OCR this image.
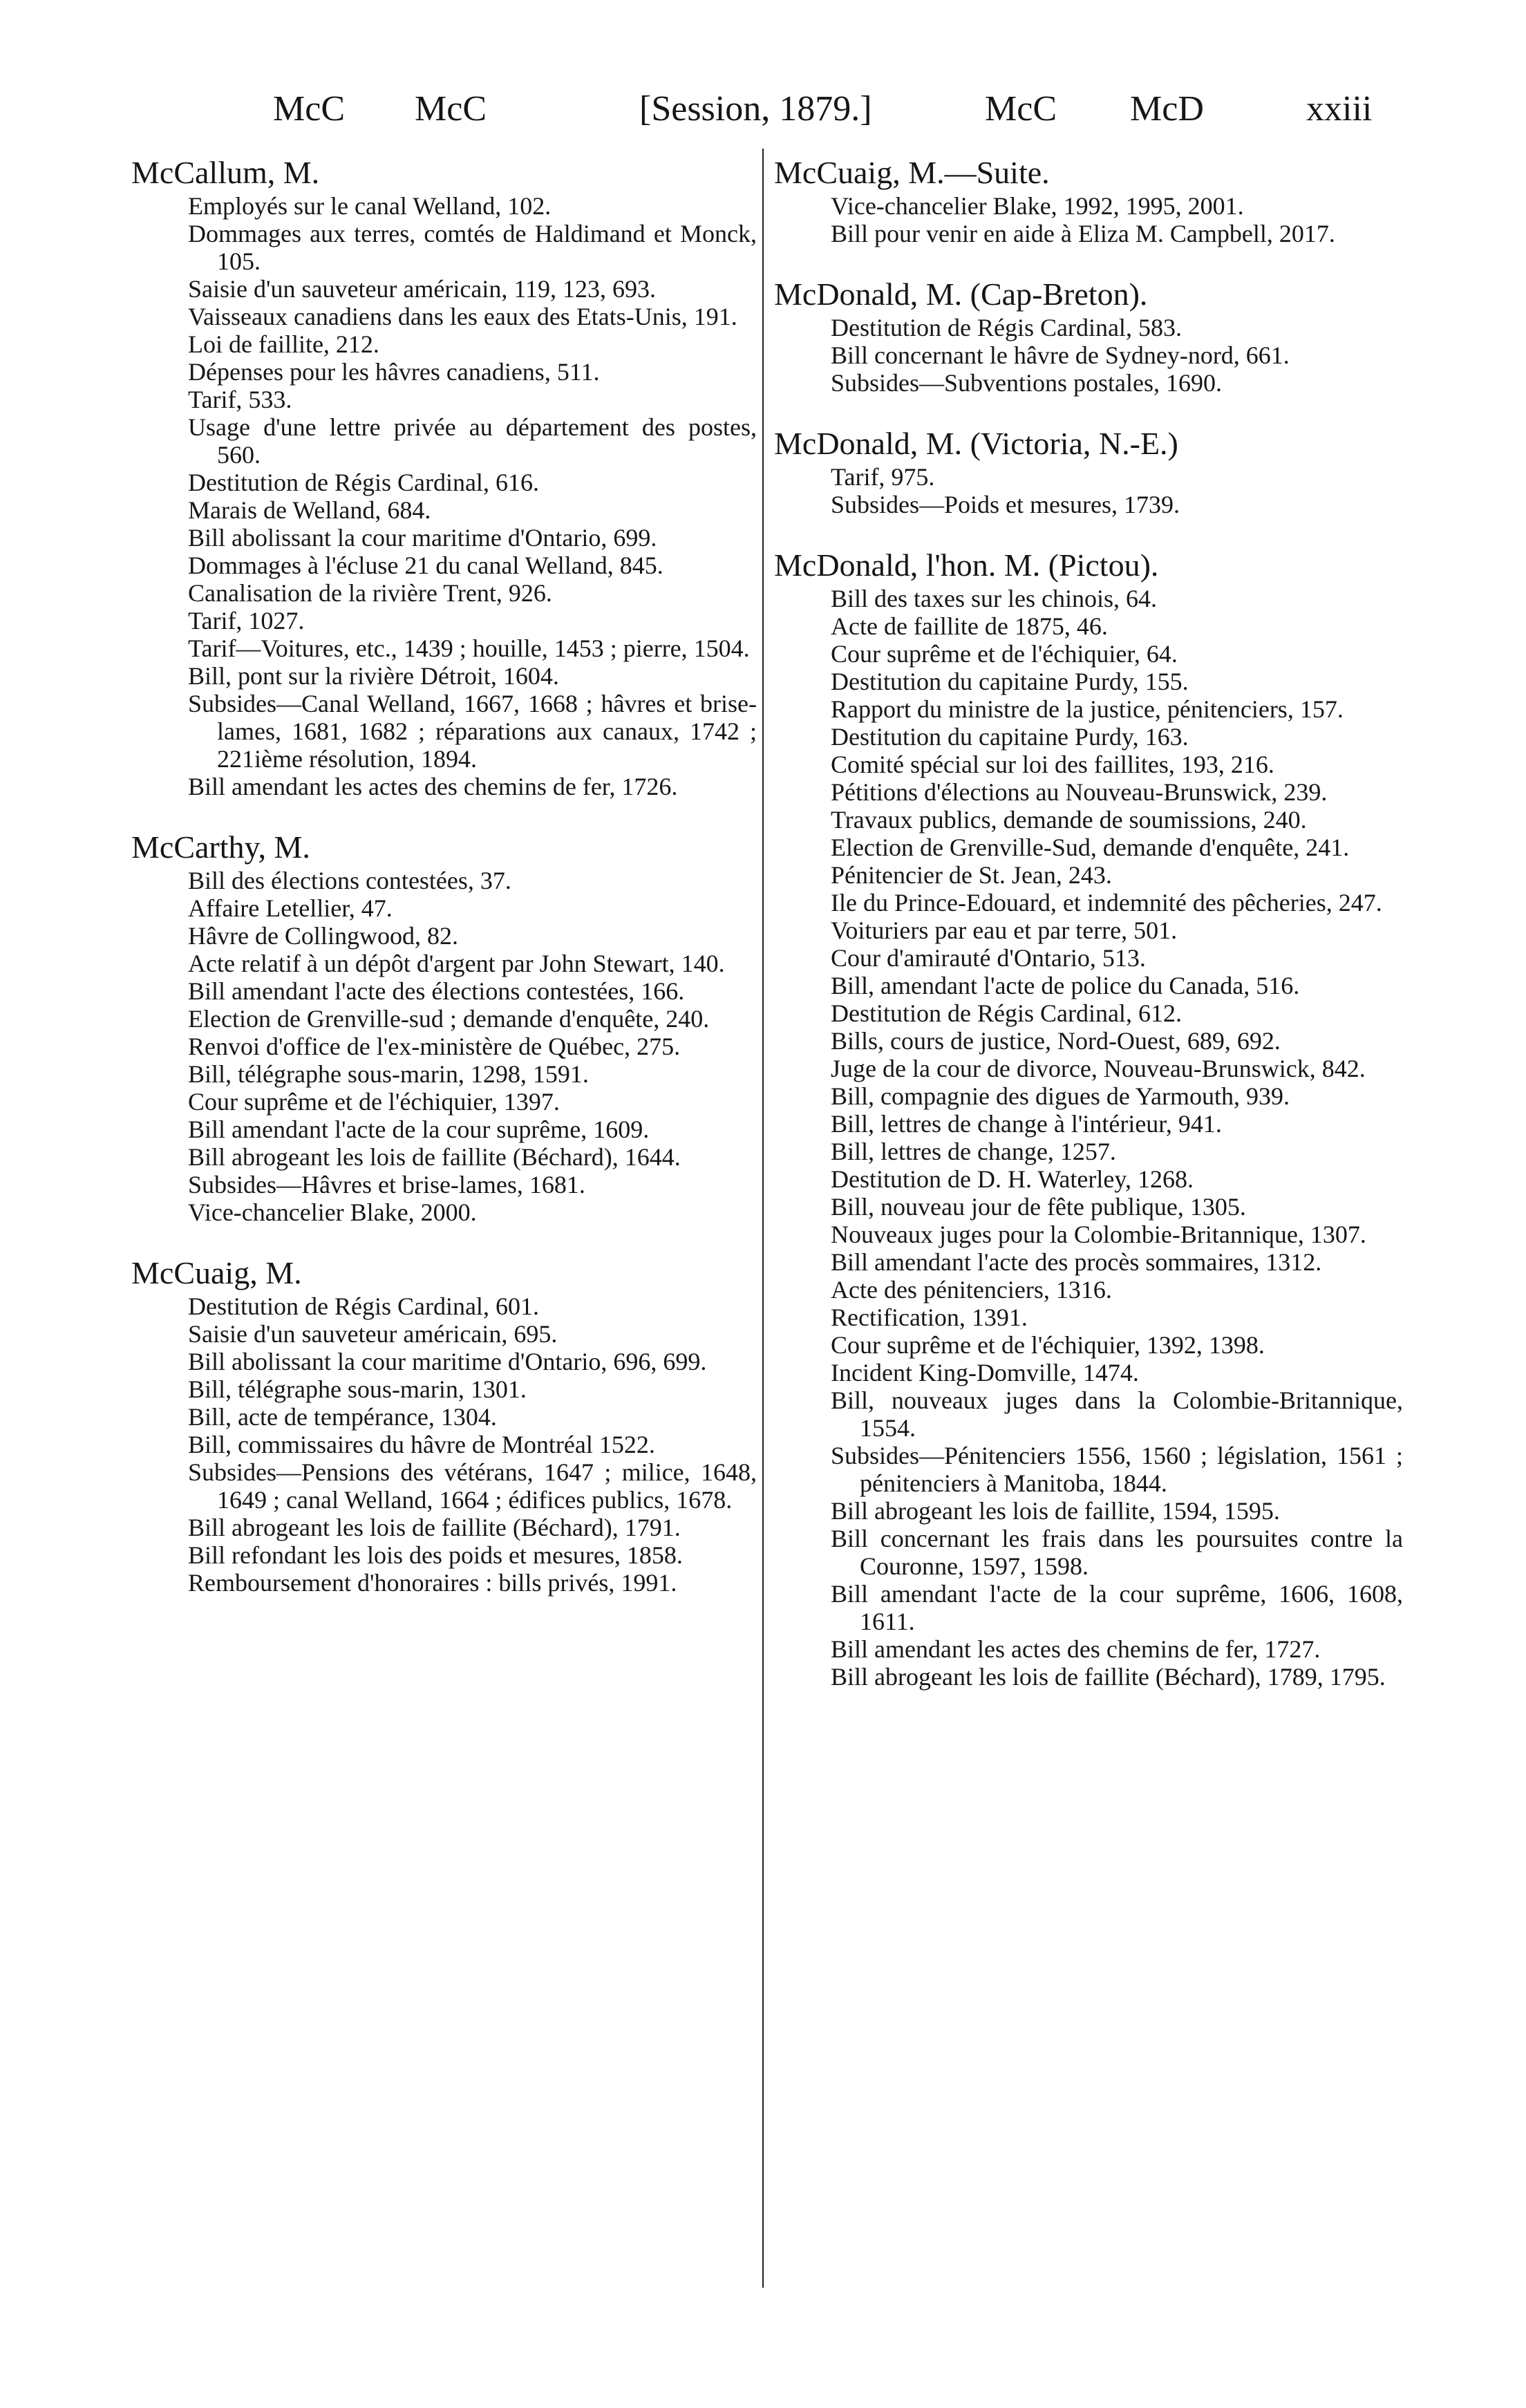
McC McC	[Session, 1879.]	McC McD	xxiii
McCallum, M.
Employés sur le canal Welland, 102.
Dommages aux terres, comtés de Haldimand et Monck, 105.
Saisie d'un sauveteur américain, 119, 123, 693.
Vaisseaux canadiens dans les eaux des Etats-Unis, 191.
Loi de faillite, 212.
Dépenses pour les hâvres canadiens, 511.
Tarif, 533.
Usage d'une lettre privée au département des postes, 560.
Destitution de Régis Cardinal, 616.
Marais de Welland, 684.
Bill abolissant la cour maritime d'Ontario, 699.
Dommages à l'écluse 21 du canal Welland, 845.
Canalisation de la rivière Trent, 926.
Tarif, 1027.
Tarif—Voitures, etc., 1439 ; houille, 1453 ; pierre, 1504.
Bill, pont sur la rivière Détroit, 1604.
Subsides—Canal Welland, 1667, 1668 ; hâvres et brise-lames, 1681, 1682 ; réparations aux canaux, 1742 ; 221ième résolution, 1894.
Bill amendant les actes des chemins de fer, 1726.
McCarthy, M.
Bill des élections contestées, 37.
Affaire Letellier, 47.
Hâvre de Collingwood, 82.
Acte relatif à un dépôt d'argent par John Stewart, 140.
Bill amendant l'acte des élections contestées, 166.
Election de Grenville-sud ; demande d'enquête, 240.
Renvoi d'office de l'ex-ministère de Québec, 275.
Bill, télégraphe sous-marin, 1298, 1591.
Cour suprême et de l'échiquier, 1397.
Bill amendant l'acte de la cour suprême, 1609.
Bill abrogeant les lois de faillite (Béchard), 1644.
Subsides—Hâvres et brise-lames, 1681.
Vice-chancelier Blake, 2000.
McCuaig, M.
Destitution de Régis Cardinal, 601.
Saisie d'un sauveteur américain, 695.
Bill abolissant la cour maritime d'Ontario, 696, 699.
Bill, télégraphe sous-marin, 1301.
Bill, acte de tempérance, 1304.
Bill, commissaires du hâvre de Montréal 1522.
Subsides—Pensions des vétérans, 1647 ; milice, 1648, 1649 ; canal Welland, 1664 ; édifices publics, 1678.
Bill abrogeant les lois de faillite (Béchard), 1791.
Bill refondant les lois des poids et mesures, 1858.
Remboursement d'honoraires : bills privés, 1991.
McCuaig, M.—Suite.
Vice-chancelier Blake, 1992, 1995, 2001.
Bill pour venir en aide à Eliza M. Campbell, 2017.
McDonald, M. (Cap-Breton).
Destitution de Régis Cardinal, 583.
Bill concernant le hâvre de Sydney-nord, 661.
Subsides—Subventions postales, 1690.
McDonald, M. (Victoria, N.-E.)
Tarif, 975.
Subsides—Poids et mesures, 1739.
McDonald, l'hon. M. (Pictou).
Bill des taxes sur les chinois, 64.
Acte de faillite de 1875, 46.
Cour suprême et de l'échiquier, 64.
Destitution du capitaine Purdy, 155.
Rapport du ministre de la justice, pénitenciers, 157.
Destitution du capitaine Purdy, 163.
Comité spécial sur loi des faillites, 193, 216.
Pétitions d'élections au Nouveau-Brunswick, 239.
Travaux publics, demande de soumissions, 240.
Election de Grenville-Sud, demande d'enquête, 241.
Pénitencier de St. Jean, 243.
Ile du Prince-Edouard, et indemnité des pêcheries, 247.
Voituriers par eau et par terre, 501.
Cour d'amirauté d'Ontario, 513.
Bill, amendant l'acte de police du Canada, 516.
Destitution de Régis Cardinal, 612.
Bills, cours de justice, Nord-Ouest, 689, 692.
Juge de la cour de divorce, Nouveau-Brunswick, 842.
Bill, compagnie des digues de Yarmouth, 939.
Bill, lettres de change à l'intérieur, 941.
Bill, lettres de change, 1257.
Destitution de D. H. Waterley, 1268.
Bill, nouveau jour de fête publique, 1305.
Nouveaux juges pour la Colombie-Britannique, 1307.
Bill amendant l'acte des procès sommaires, 1312.
Acte des pénitenciers, 1316.
Rectification, 1391.
Cour suprême et de l'échiquier, 1392, 1398.
Incident King-Domville, 1474.
Bill, nouveaux juges dans la Colombie-Britannique, 1554.
Subsides—Pénitenciers 1556, 1560 ; législation, 1561 ; pénitenciers à Manitoba, 1844.
Bill abrogeant les lois de faillite, 1594, 1595.
Bill concernant les frais dans les poursuites contre la Couronne, 1597, 1598.
Bill amendant l'acte de la cour suprême, 1606, 1608, 1611.
Bill amendant les actes des chemins de fer, 1727.
Bill abrogeant les lois de faillite (Béchard), 1789, 1795.
